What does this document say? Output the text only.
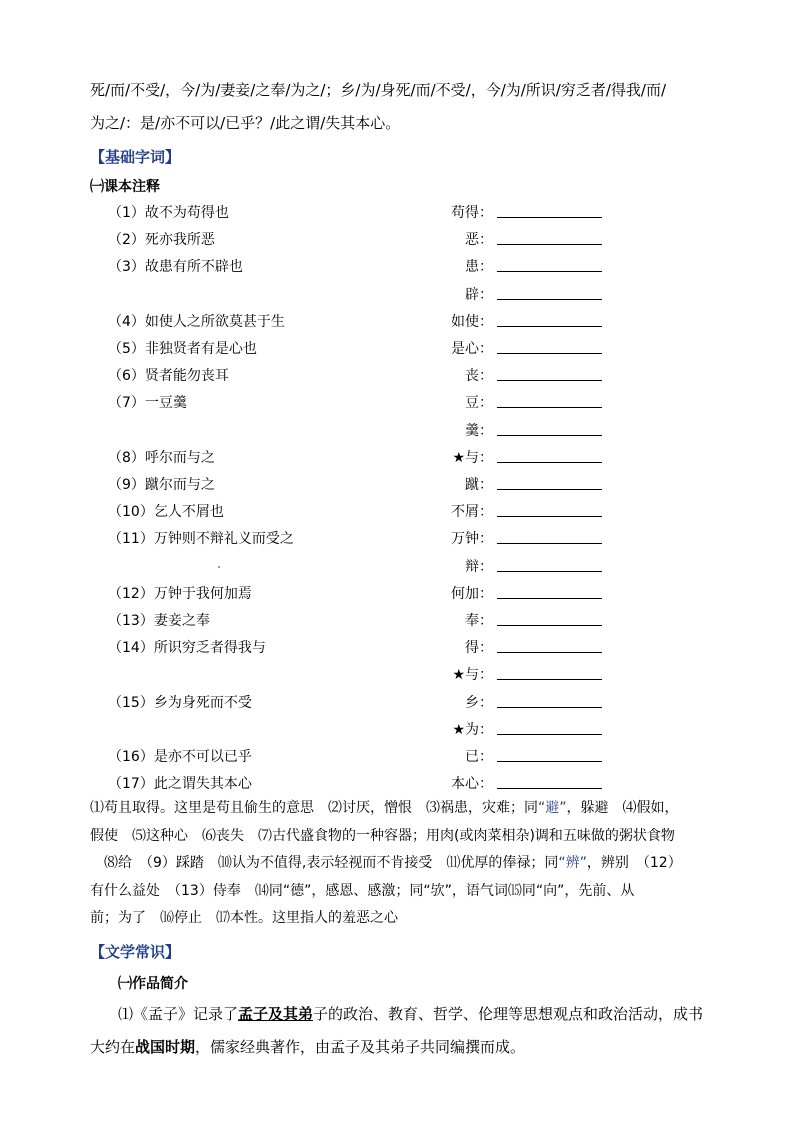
死/而/不受/，今/为/妻妾/之奉/为之/；乡/为/身死/而/不受/，今/为/所识/穷乏者/得我/而/
为之/：是/亦不可以/已乎？/此之谓/失其本心。
【基础字词】
㈠课本注释
（1）故不为苟得也	苟得：
（2）死亦我所恶	恶：
（3）故患有所不辟也	患：
辟：
（4）如使人之所欲莫甚于生	如使：
（5）非独贤者有是心也	是心：
（6）贤者能勿丧耳	丧：
（7）一豆羹	豆：
羹：
（8）呼尔而与之	★与：
（9）蹴尔而与之	蹴：
（10）乞人不屑也	不屑：
（11）万钟则不辩礼义而受之	万钟：
辩：
（12）万钟于我何加焉	何加：
（13）妻妾之奉	奉：
（14）所识穷乏者得我与	得：
★与：
（15）乡为身死而不受	乡：
★为：
（16）是亦不可以已乎	已：
（17）此之谓失其本心	本心：
⑴苟且取得。这里是苟且偷生的意思　⑵讨厌，憎恨　⑶祸患，灾难；同“避”，躲避　⑷假如，
假使　⑸这种心　⑹丧失　⑺古代盛食物的一种容器；用肉(或肉菜相杂)调和五味做的粥状食物
　⑻给　（9）踩踏　⑽认为不值得,表示轻视而不肯接受　⑾优厚的俸禄；同“辨”，辨别　（12）
有什么益处　（13）侍奉　⒁同“德”，感恩、感激；同“欤”，语气词⒂同“向”，先前、从
前；为了　⒃停止　⒄本性。这里指人的羞恶之心
【文学常识】
㈠作品简介
⑴《孟子》记录了孟子及其弟子的政治、教育、哲学、伦理等思想观点和政治活动，成书
大约在战国时期，儒家经典著作，由孟子及其弟子共同编撰而成。
